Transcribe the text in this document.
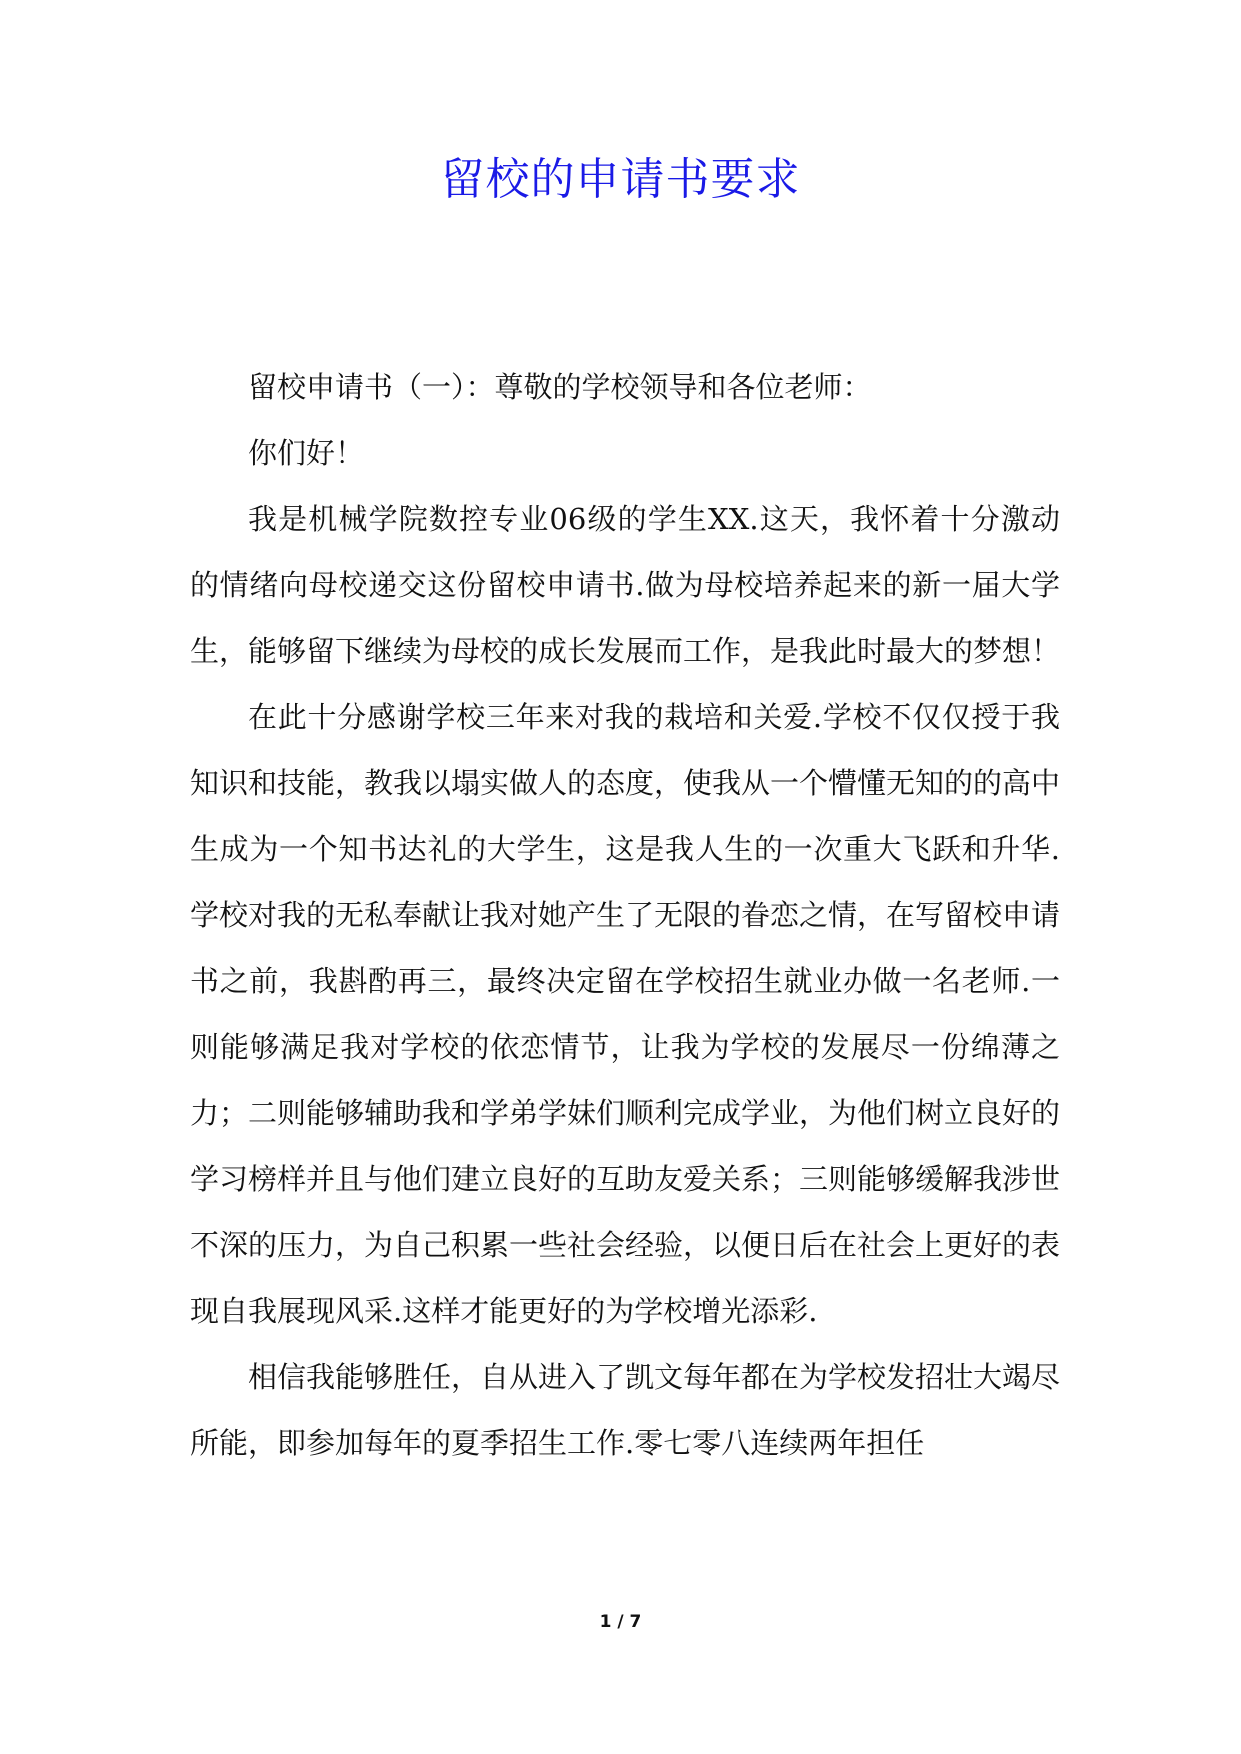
留校的申请书要求

留校申请书（一）：尊敬的学校领导和各位老师：

你们好！

我是机械学院数控专业06级的学生XX.这天，我怀着十分激动的情绪向母校递交这份留校申请书.做为母校培养起来的新一届大学生，能够留下继续为母校的成长发展而工作，是我此时最大的梦想！

在此十分感谢学校三年来对我的栽培和关爱.学校不仅仅授于我知识和技能，教我以塌实做人的态度，使我从一个懵懂无知的的高中生成为一个知书达礼的大学生，这是我人生的一次重大飞跃和升华.学校对我的无私奉献让我对她产生了无限的眷恋之情，在写留校申请书之前，我斟酌再三，最终决定留在学校招生就业办做一名老师.一则能够满足我对学校的依恋情节，让我为学校的发展尽一份绵薄之力；二则能够辅助我和学弟学妹们顺利完成学业，为他们树立良好的学习榜样并且与他们建立良好的互助友爱关系；三则能够缓解我涉世不深的压力，为自己积累一些社会经验，以便日后在社会上更好的表现自我展现风采.这样才能更好的为学校增光添彩.

相信我能够胜任，自从进入了凯文每年都在为学校发招壮大竭尽所能，即参加每年的夏季招生工作.零七零八连续两年担任

1 / 7
